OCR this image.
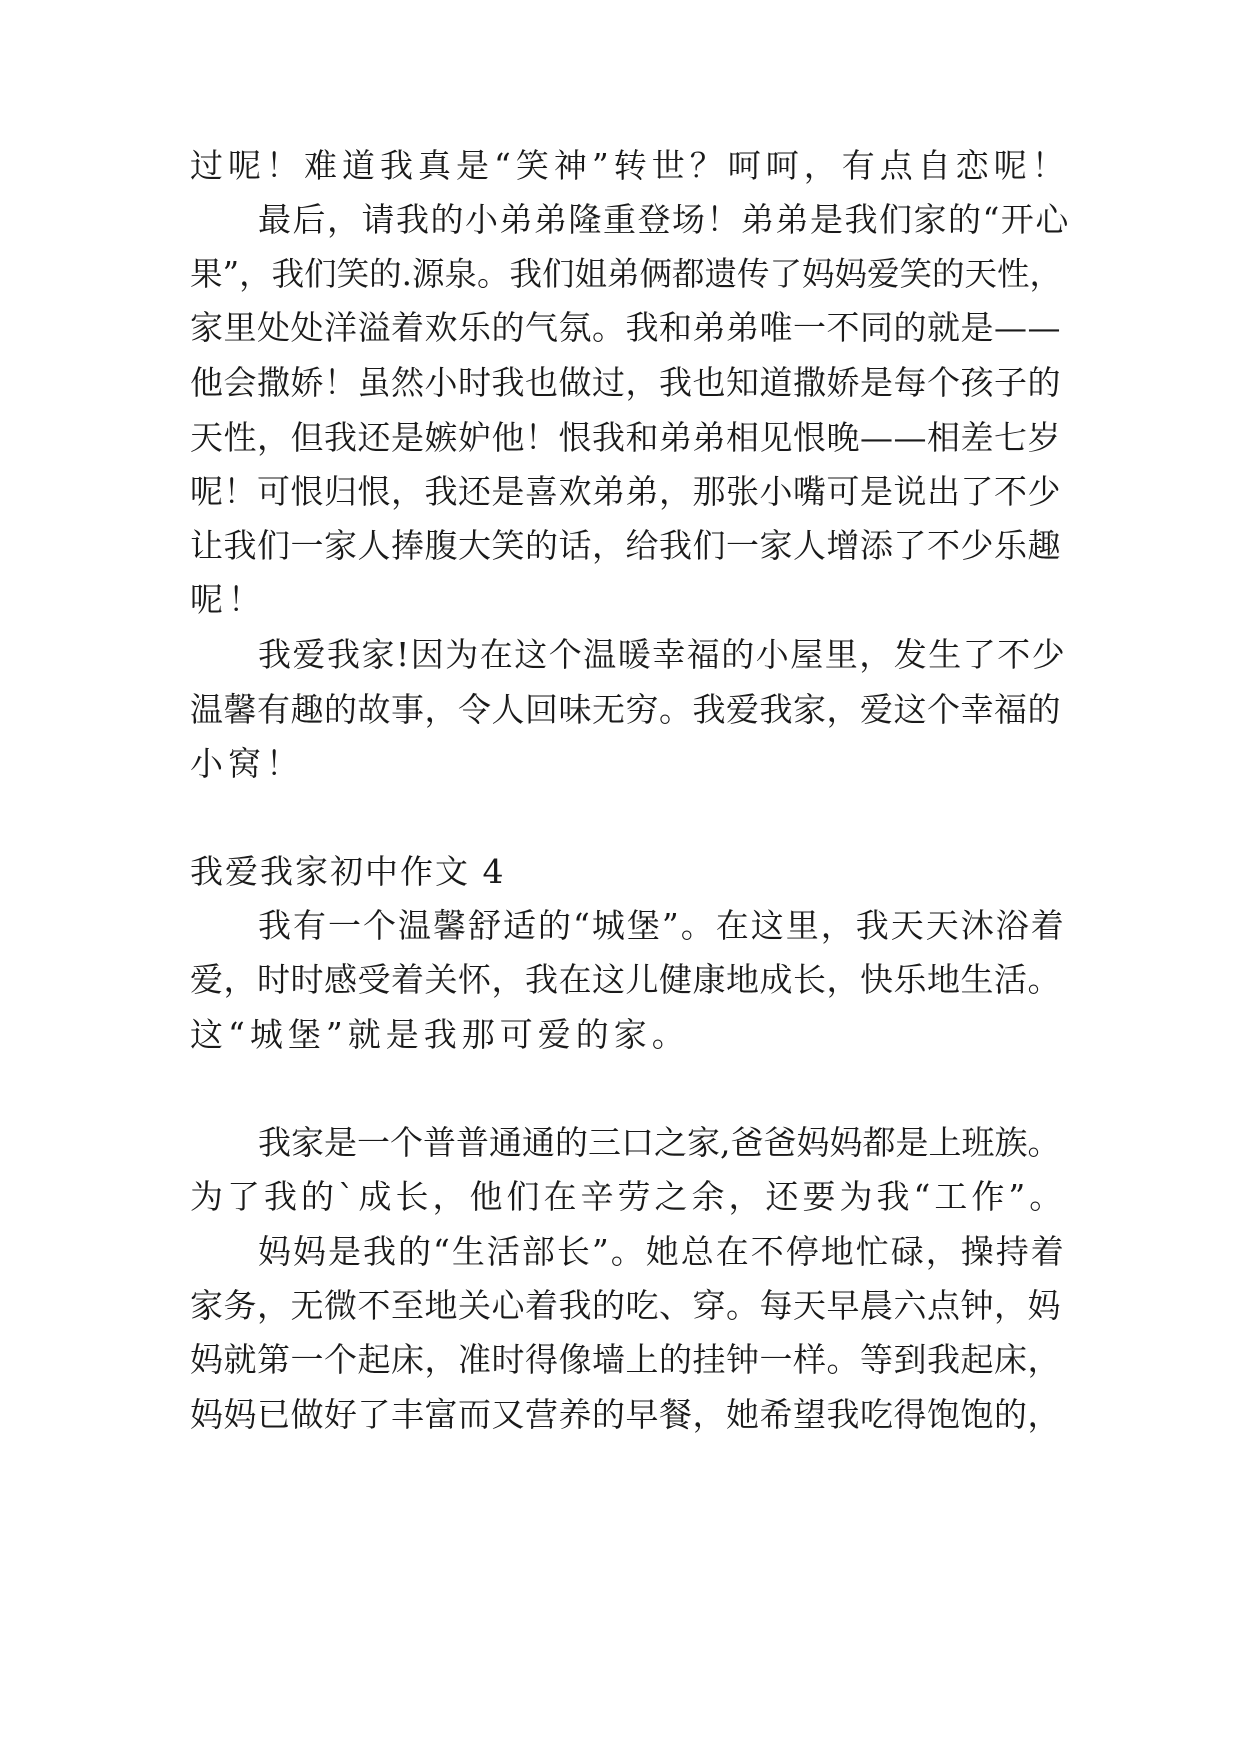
过呢！难道我真是“笑神”转世？呵呵，有点自恋呢！
最后，请我的小弟弟隆重登场！弟弟是我们家的“开心
果”，我们笑的.源泉。我们姐弟俩都遗传了妈妈爱笑的天性，
家里处处洋溢着欢乐的气氛。我和弟弟唯一不同的就是——
他会撒娇！虽然小时我也做过，我也知道撒娇是每个孩子的
天性，但我还是嫉妒他！恨我和弟弟相见恨晚——相差七岁
呢！可恨归恨，我还是喜欢弟弟，那张小嘴可是说出了不少
让我们一家人捧腹大笑的话，给我们一家人增添了不少乐趣
呢！
我爱我家!因为在这个温暖幸福的小屋里，发生了不少
温馨有趣的故事，令人回味无穷。我爱我家，爱这个幸福的
小窝！
我爱我家初中作文 4
我有一个温馨舒适的“城堡”。在这里，我天天沐浴着
爱，时时感受着关怀，我在这儿健康地成长，快乐地生活。
这“城堡”就是我那可爱的家。
我家是一个普普通通的三口之家,爸爸妈妈都是上班族。
为了我的`成长，他们在辛劳之余，还要为我“工作”。
妈妈是我的“生活部长”。她总在不停地忙碌，操持着
家务，无微不至地关心着我的吃、穿。每天早晨六点钟，妈
妈就第一个起床，准时得像墙上的挂钟一样。等到我起床，
妈妈已做好了丰富而又营养的早餐，她希望我吃得饱饱的，
